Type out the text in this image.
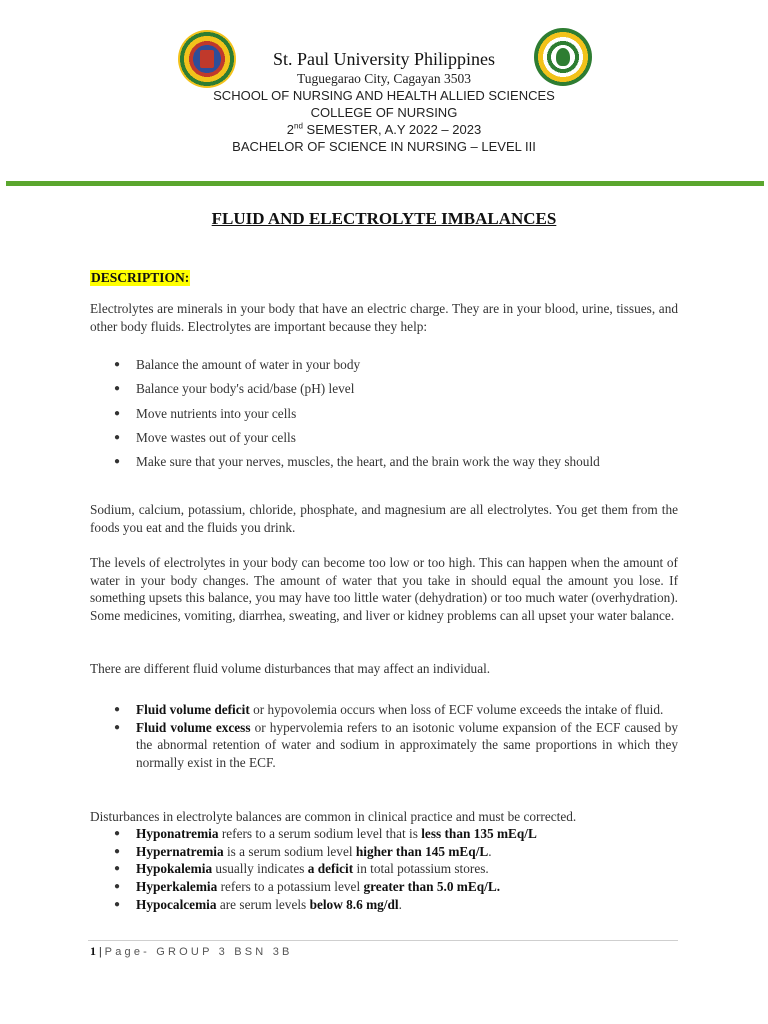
St. Paul University Philippines
Tuguegarao City, Cagayan 3503
SCHOOL OF NURSING AND HEALTH ALLIED SCIENCES
COLLEGE OF NURSING
2nd SEMESTER, A.Y 2022 – 2023
BACHELOR OF SCIENCE IN NURSING – LEVEL III
FLUID AND ELECTROLYTE IMBALANCES
DESCRIPTION:
Electrolytes are minerals in your body that have an electric charge. They are in your blood, urine, tissues, and other body fluids. Electrolytes are important because they help:
● Balance the amount of water in your body
● Balance your body's acid/base (pH) level
● Move nutrients into your cells
● Move wastes out of your cells
● Make sure that your nerves, muscles, the heart, and the brain work the way they should
Sodium, calcium, potassium, chloride, phosphate, and magnesium are all electrolytes. You get them from the foods you eat and the fluids you drink.
The levels of electrolytes in your body can become too low or too high. This can happen when the amount of water in your body changes. The amount of water that you take in should equal the amount you lose. If something upsets this balance, you may have too little water (dehydration) or too much water (overhydration). Some medicines, vomiting, diarrhea, sweating, and liver or kidney problems can all upset your water balance.
There are different fluid volume disturbances that may affect an individual.
● Fluid volume deficit or hypovolemia occurs when loss of ECF volume exceeds the intake of fluid.
● Fluid volume excess or hypervolemia refers to an isotonic volume expansion of the ECF caused by the abnormal retention of water and sodium in approximately the same proportions in which they normally exist in the ECF.
Disturbances in electrolyte balances are common in clinical practice and must be corrected.
● Hyponatremia refers to a serum sodium level that is less than 135 mEq/L
● Hypernatremia is a serum sodium level higher than 145 mEq/L.
● Hypokalemia usually indicates a deficit in total potassium stores.
● Hyperkalemia refers to a potassium level greater than 5.0 mEq/L.
● Hypocalcemia are serum levels below 8.6 mg/dl.
1 | Page- GROUP 3 BSN 3B
